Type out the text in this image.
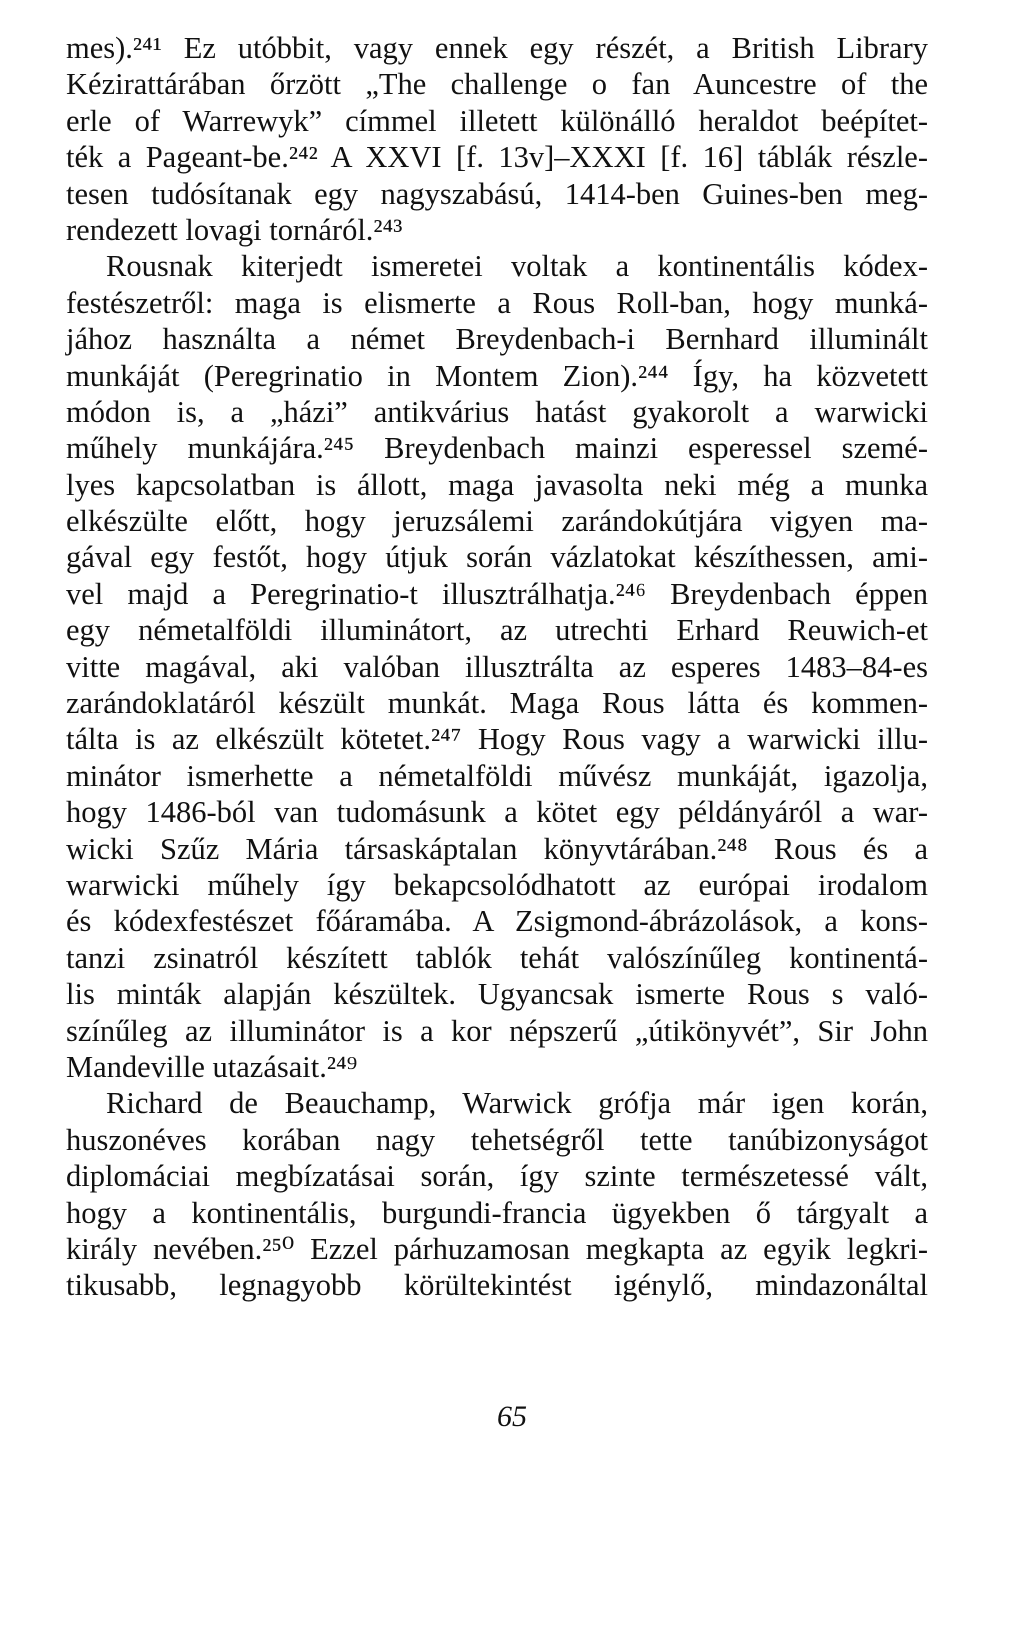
mes).²⁴¹ Ez utóbbit, vagy ennek egy részét, a British Library
Kézirattárában őrzött „The challenge o fan Auncestre of the
erle of Warrewyk” címmel illetett különálló heraldot beépítet-
ték a Pageant-be.²⁴² A XXVI [f. 13v]–XXXI [f. 16] táblák részle-
tesen tudósítanak egy nagyszabású, 1414-ben Guines-ben meg-
rendezett lovagi tornáról.²⁴³
Rousnak kiterjedt ismeretei voltak a kontinentális kódex-
festészetről: maga is elismerte a Rous Roll-ban, hogy munká-
jához használta a német Breydenbach-i Bernhard illuminált
munkáját (Peregrinatio in Montem Zion).²⁴⁴ Így, ha közvetett
módon is, a „házi” antikvárius hatást gyakorolt a warwicki
műhely munkájára.²⁴⁵ Breydenbach mainzi esperessel szemé-
lyes kapcsolatban is állott, maga javasolta neki még a munka
elkészülte előtt, hogy jeruzsálemi zarándokútjára vigyen ma-
gával egy festőt, hogy útjuk során vázlatokat készíthessen, ami-
vel majd a Peregrinatio-t illusztrálhatja.²⁴⁶ Breydenbach éppen
egy németalföldi illuminátort, az utrechti Erhard Reuwich-et
vitte magával, aki valóban illusztrálta az esperes 1483–84-es
zarándoklatáról készült munkát. Maga Rous látta és kommen-
tálta is az elkészült kötetet.²⁴⁷ Hogy Rous vagy a warwicki illu-
minátor ismerhette a németalföldi művész munkáját, igazolja,
hogy 1486-ból van tudomásunk a kötet egy példányáról a war-
wicki Szűz Mária társaskáptalan könyvtárában.²⁴⁸ Rous és a
warwicki műhely így bekapcsolódhatott az európai irodalom
és kódexfestészet főáramába. A Zsigmond-ábrázolások, a kons-
tanzi zsinatról készített tablók tehát valószínűleg kontinentá-
lis minták alapján készültek. Ugyancsak ismerte Rous s való-
színűleg az illuminátor is a kor népszerű „útikönyvét”, Sir John
Mandeville utazásait.²⁴⁹
Richard de Beauchamp, Warwick grófja már igen korán,
huszonéves korában nagy tehetségről tette tanúbizonyságot
diplomáciai megbízatásai során, így szinte természetessé vált,
hogy a kontinentális, burgundi-francia ügyekben ő tárgyalt a
király nevében.²⁵⁰ Ezzel párhuzamosan megkapta az egyik legkri-
tikusabb, legnagyobb körültekintést igénylő, mindazonáltal
65
